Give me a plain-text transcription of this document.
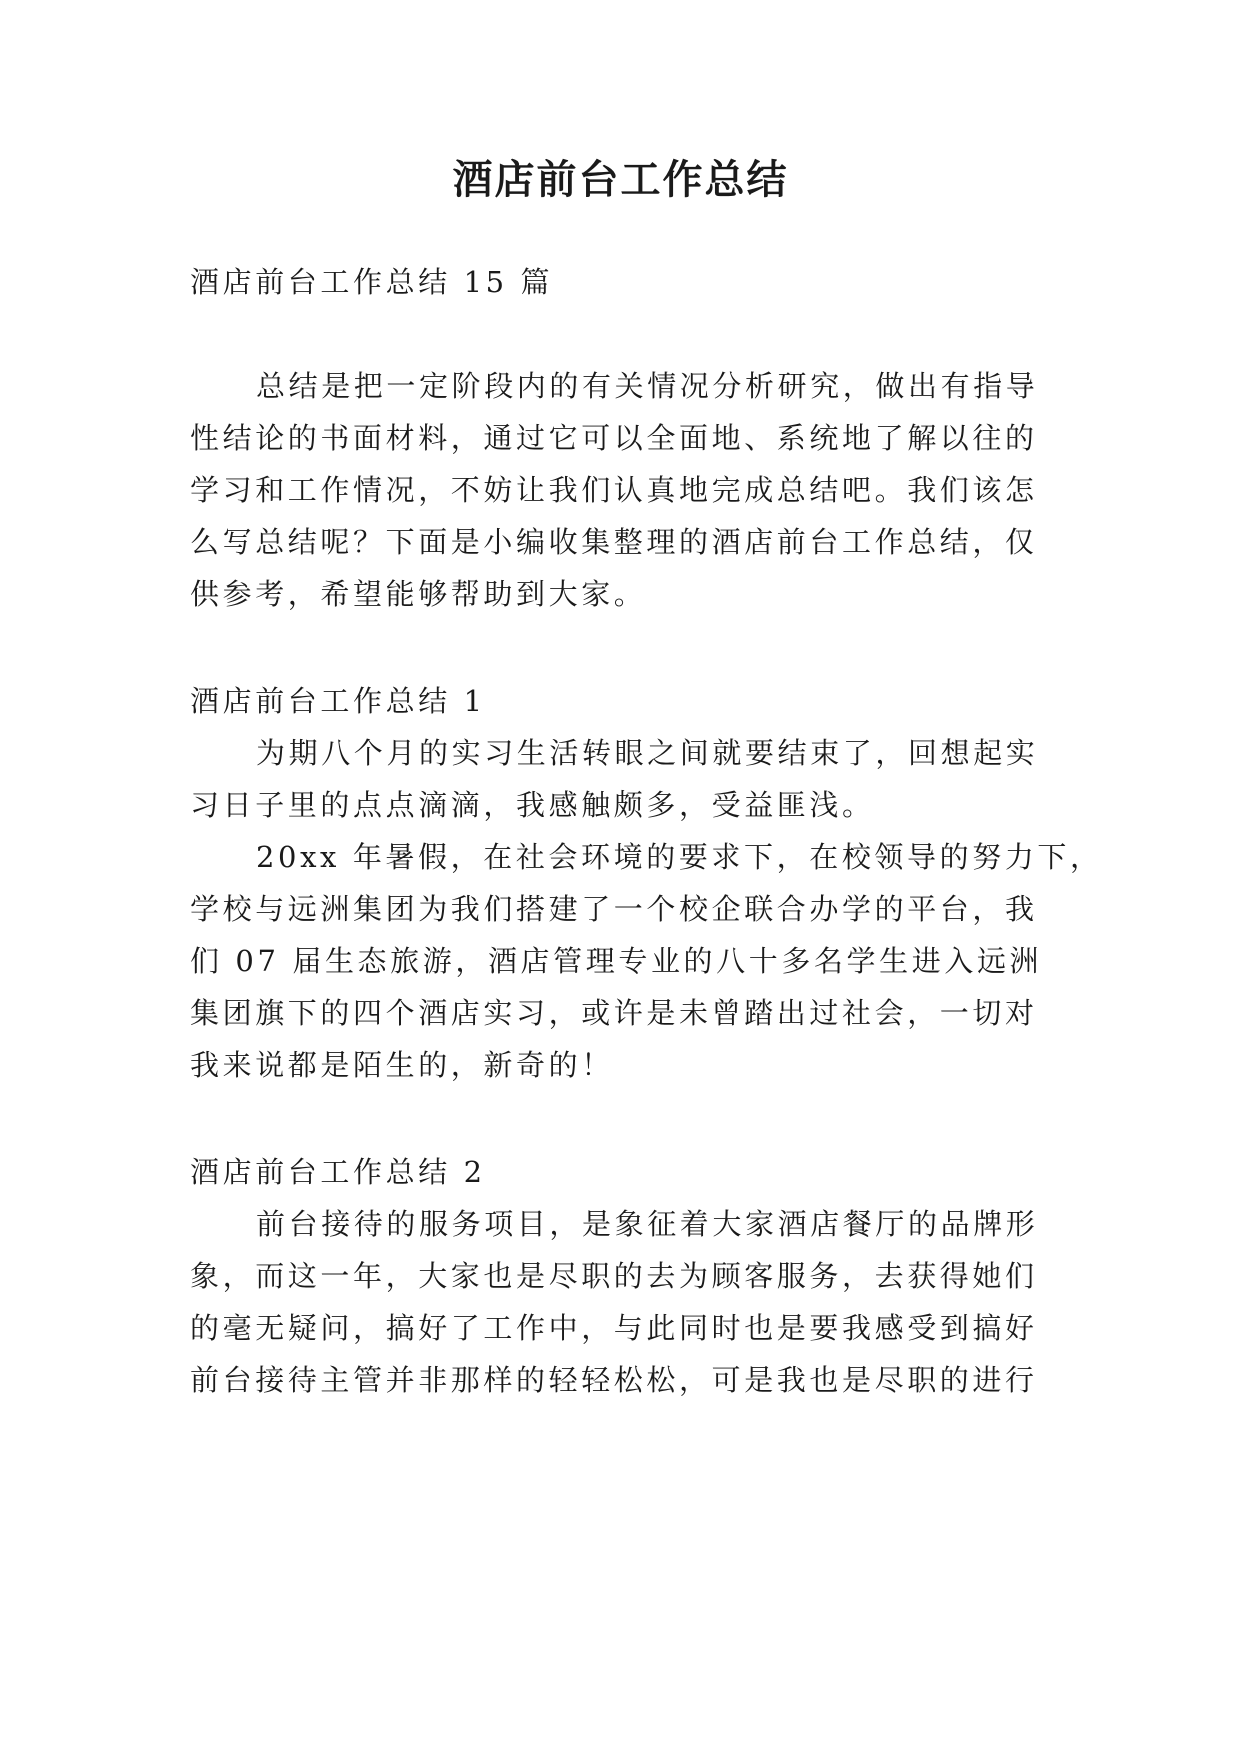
酒店前台工作总结

酒店前台工作总结 15 篇

总结是把一定阶段内的有关情况分析研究，做出有指导

性结论的书面材料，通过它可以全面地、系统地了解以往的

学习和工作情况，不妨让我们认真地完成总结吧。我们该怎

么写总结呢？下面是小编收集整理的酒店前台工作总结，仅

供参考，希望能够帮助到大家。

酒店前台工作总结 1

为期八个月的实习生活转眼之间就要结束了，回想起实

习日子里的点点滴滴，我感触颇多，受益匪浅。

20xx 年暑假，在社会环境的要求下，在校领导的努力下，

学校与远洲集团为我们搭建了一个校企联合办学的平台，我

们 07 届生态旅游，酒店管理专业的八十多名学生进入远洲

集团旗下的四个酒店实习，或许是未曾踏出过社会，一切对

我来说都是陌生的，新奇的！

酒店前台工作总结 2

前台接待的服务项目，是象征着大家酒店餐厅的品牌形

象，而这一年，大家也是尽职的去为顾客服务，去获得她们

的毫无疑问，搞好了工作中，与此同时也是要我感受到搞好

前台接待主管并非那样的轻轻松松，可是我也是尽职的进行
